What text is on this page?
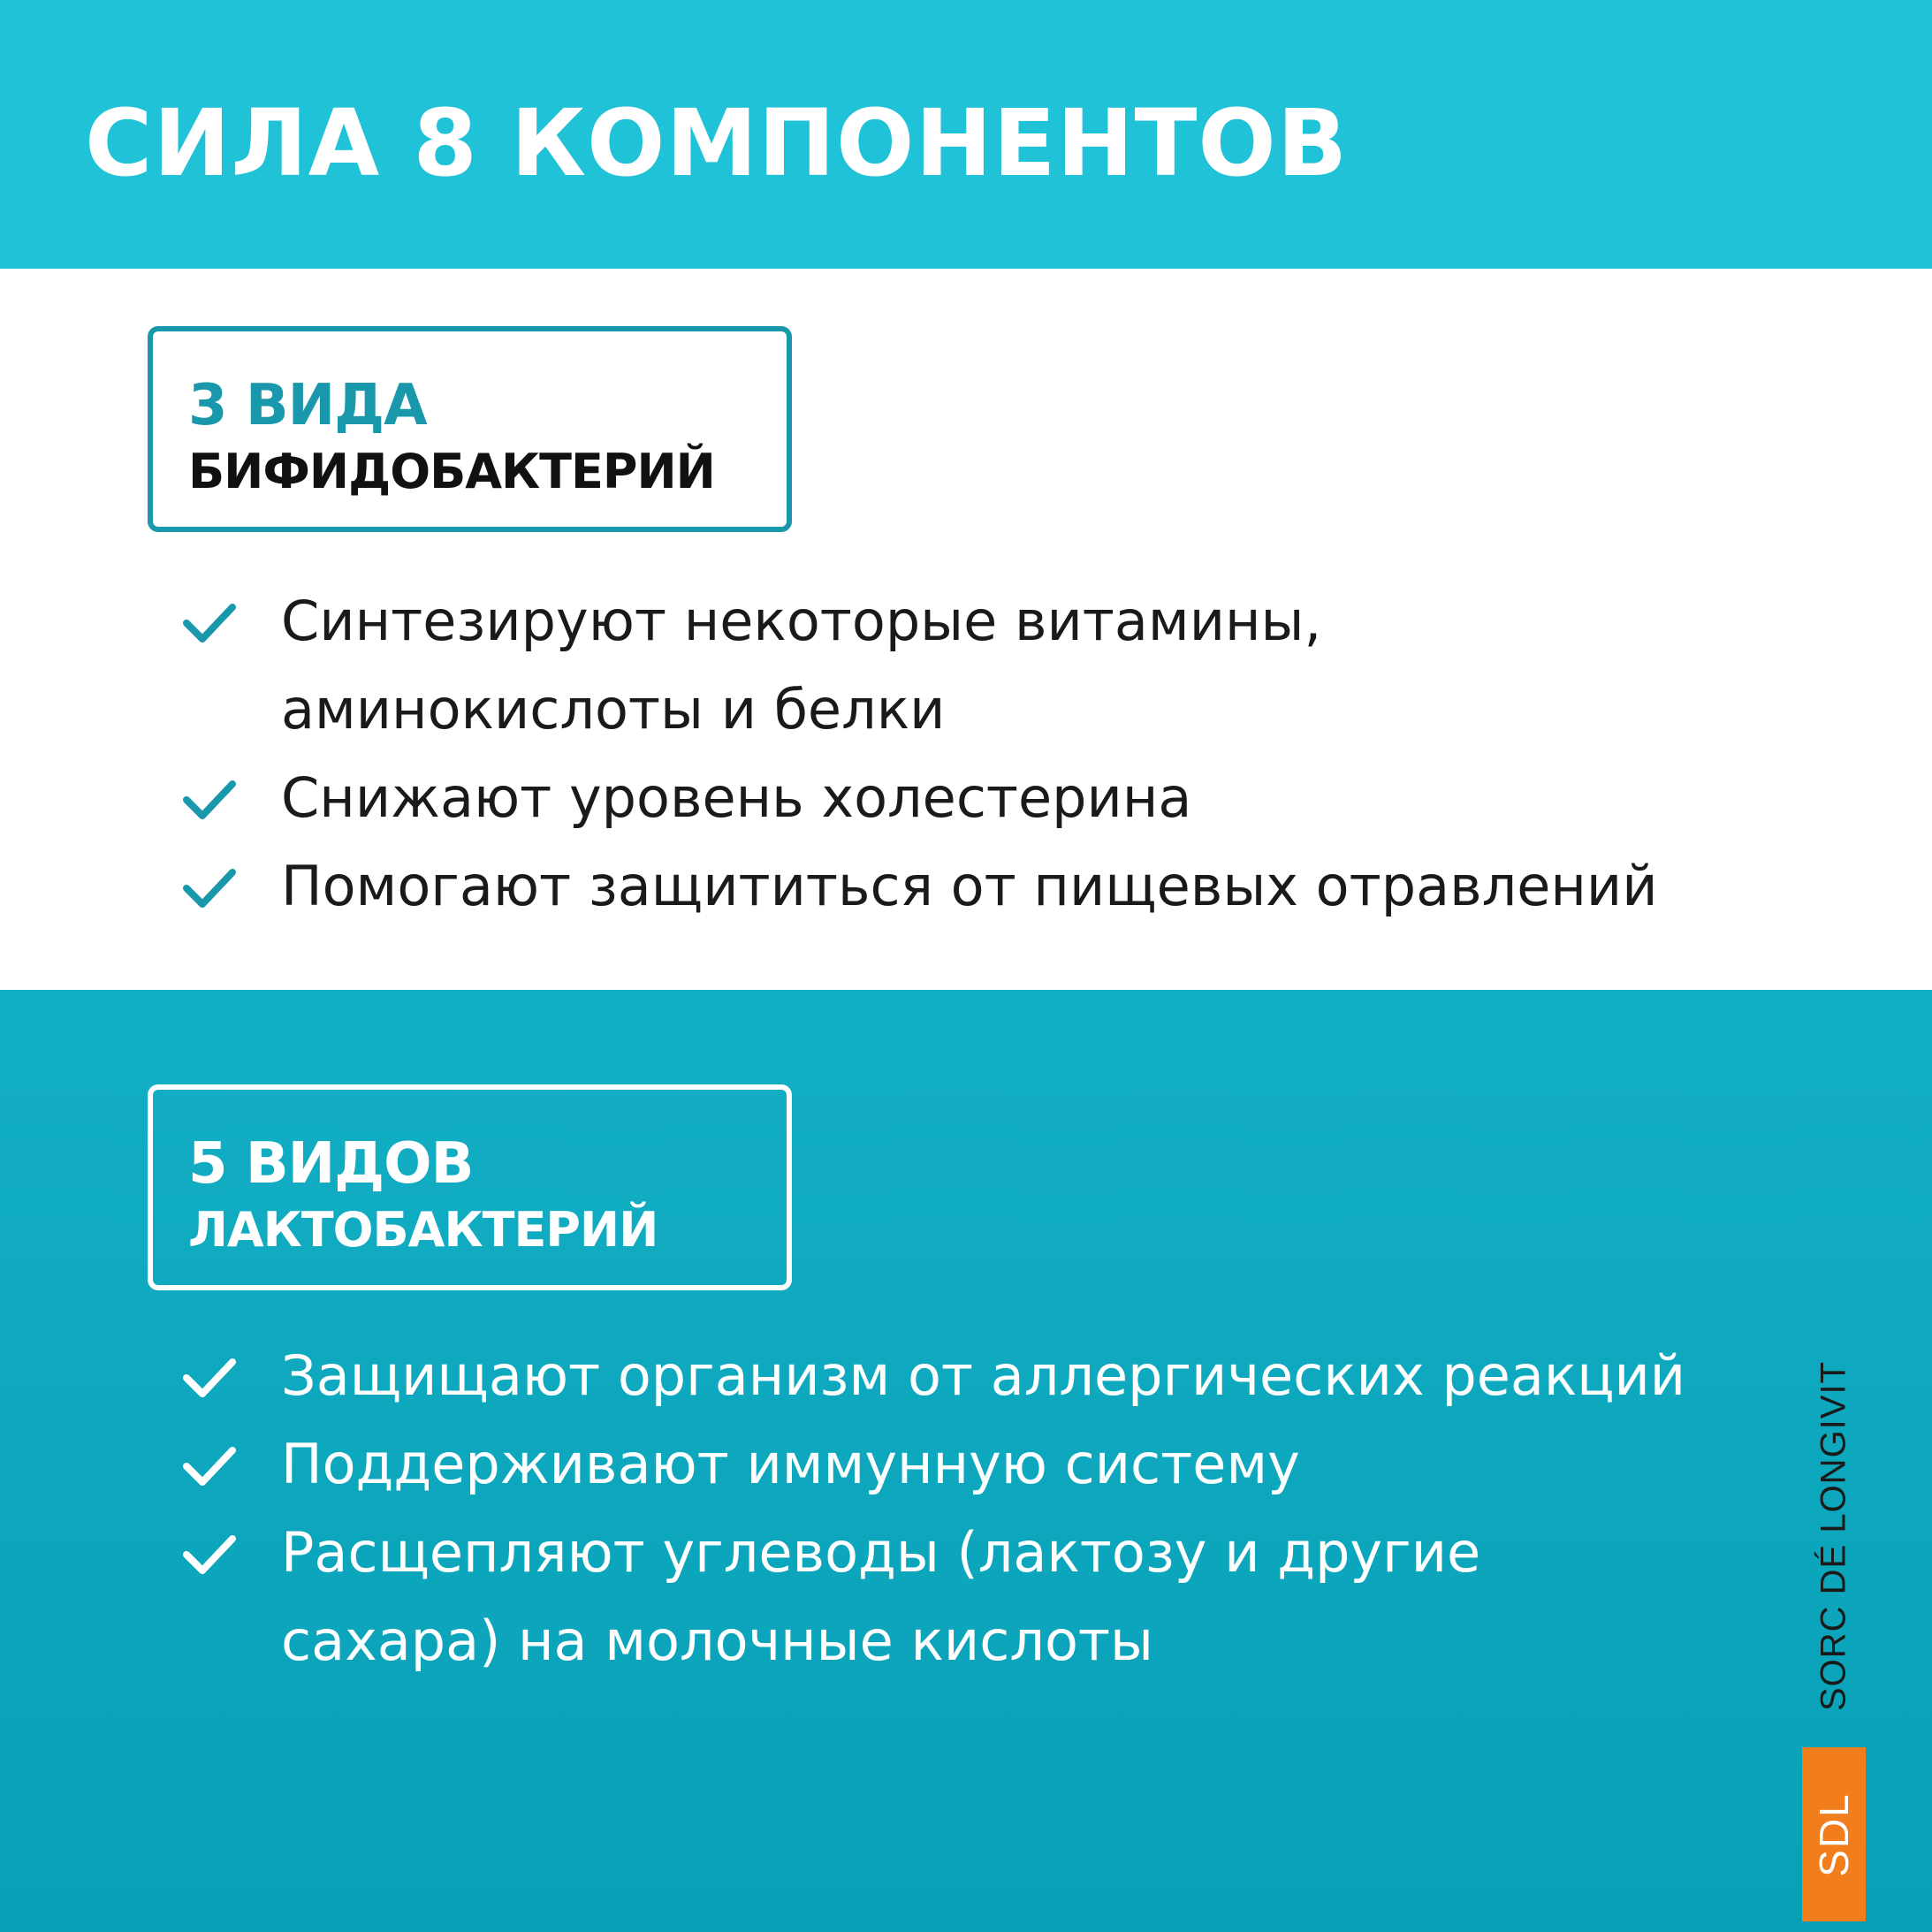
СИЛА 8 КОМПОНЕНТОВ
3 ВИДА
БИФИДОБАКТЕРИЙ
Синтезируют некоторые витамины,
аминокислоты и белки
Снижают уровень холестерина
Помогают защититься от пищевых отравлений
5 ВИДОВ
ЛАКТОБАКТЕРИЙ
Защищают организм от аллергических реакций
Поддерживают иммунную систему
Расщепляют углеводы (лактозу и другие
сахара) на молочные кислоты	SORC DÉ LONGIVIT
SDL
